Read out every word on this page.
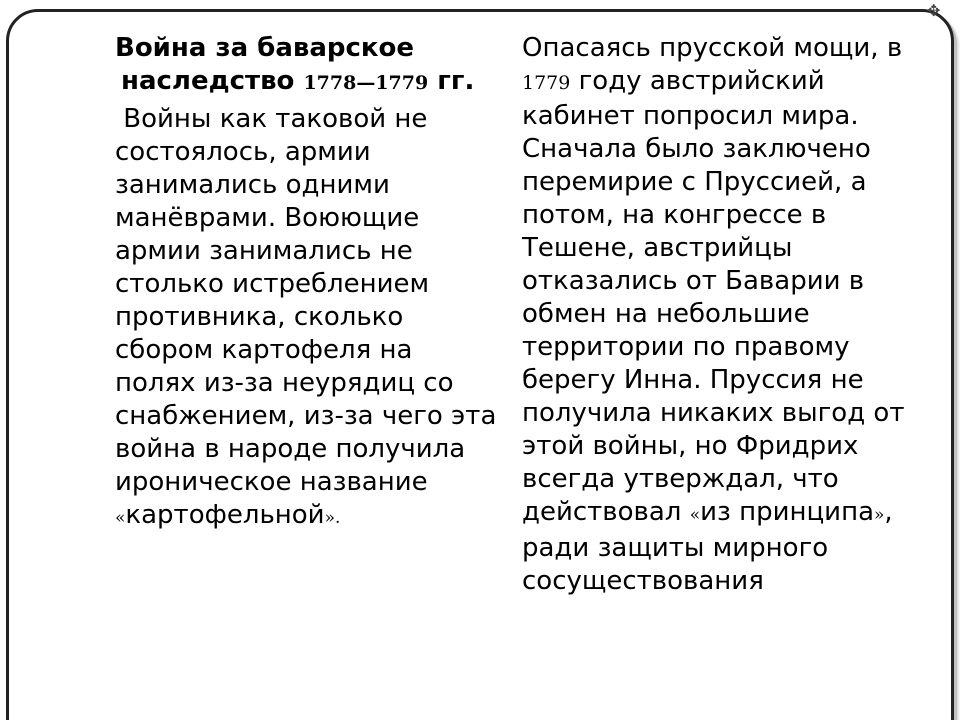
✥

Война за баварское наследство 1778—1779 гг.

Войны как таковой не состоялось, армии занимались одними манёврами. Воюющие армии занимались не столько истреблением противника, сколько сбором картофеля на полях из-за неурядиц со снабжением, из-за чего эта война в народе получила ироническое название «картофельной».

Опасаясь прусской мощи, в 1779 году австрийский кабинет попросил мира. Сначала было заключено перемирие с Пруссией, а потом, на конгрессе в Тешене, австрийцы отказались от Баварии в обмен на небольшие территории по правому берегу Инна. Пруссия не получила никаких выгод от этой войны, но Фридрих всегда утверждал, что действовал «из принципа», ради защиты мирного сосуществования
